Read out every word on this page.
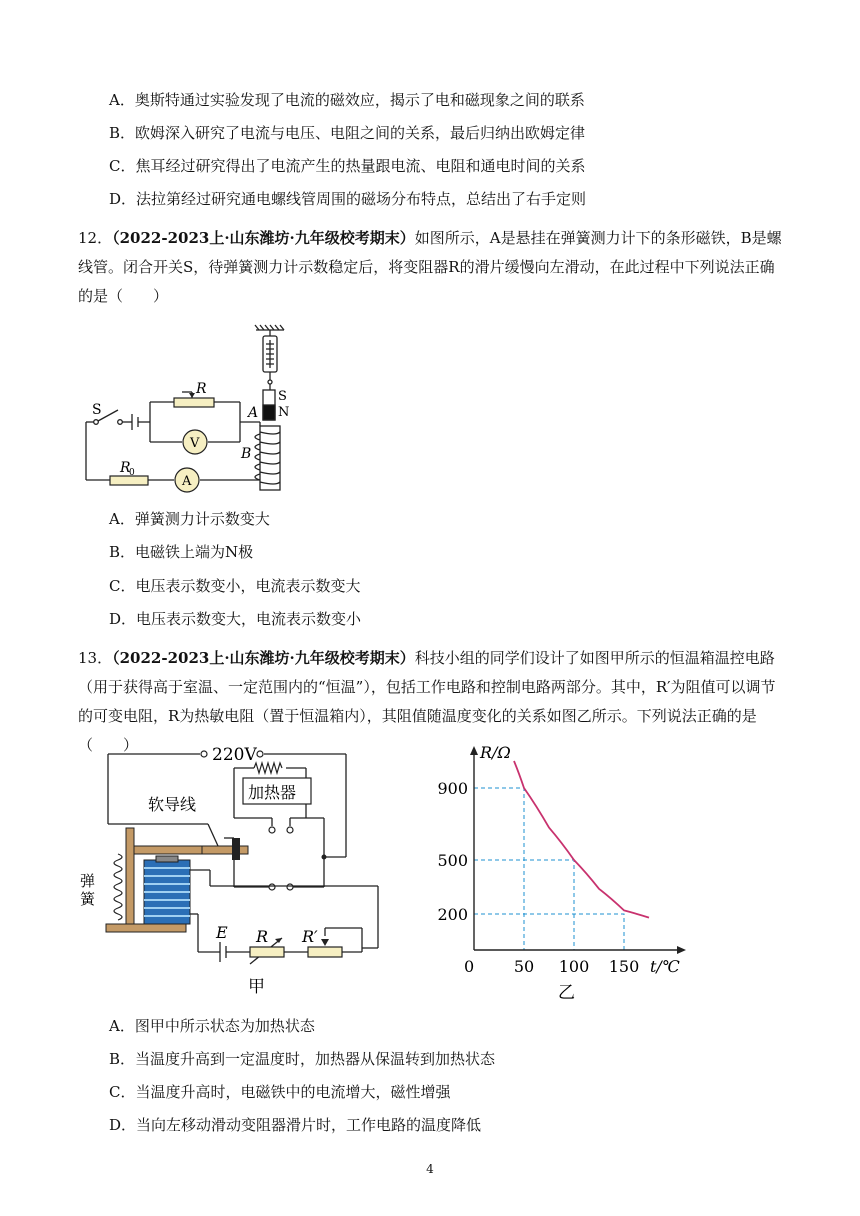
A．奥斯特通过实验发现了电流的磁效应，揭示了电和磁现象之间的联系
B．欧姆深入研究了电流与电压、电阻之间的关系，最后归纳出欧姆定律
C．焦耳经过研究得出了电流产生的热量跟电流、电阻和通电时间的关系
D．法拉第经过研究通电螺线管周围的磁场分布特点，总结出了右手定则
12．（2022-2023上·山东潍坊·九年级校考期末）如图所示，A是悬挂在弹簧测力计下的条形磁铁，B是螺线管。闭合开关S，待弹簧测力计示数稳定后，将变阻器R的滑片缓慢向左滑动，在此过程中下列说法正确的是（　　）
S
R
V
A
R
0
A
S
N
B
A．弹簧测力计示数变大
B．电磁铁上端为N极
C．电压表示数变小，电流表示数变大
D．电压表示数变大，电流表示数变小
13．（2022-2023上·山东潍坊·九年级校考期末）科技小组的同学们设计了如图甲所示的恒温箱温控电路（用于获得高于室温、一定范围内的“恒温”），包括工作电路和控制电路两部分。其中，R′为阻值可以调节的可变电阻，R为热敏电阻（置于恒温箱内），其阻值随温度变化的关系如图乙所示。下列说法正确的是（　　）	220V
软导线
加热器
弹
簧
E R R′
甲
50 100 150
200
500
900
R/Ω
t/℃
0
乙
A．图甲中所示状态为加热状态
B．当温度升高到一定温度时，加热器从保温转到加热状态
C．当温度升高时，电磁铁中的电流增大，磁性增强
D．当向左移动滑动变阻器滑片时，工作电路的温度降低
4
